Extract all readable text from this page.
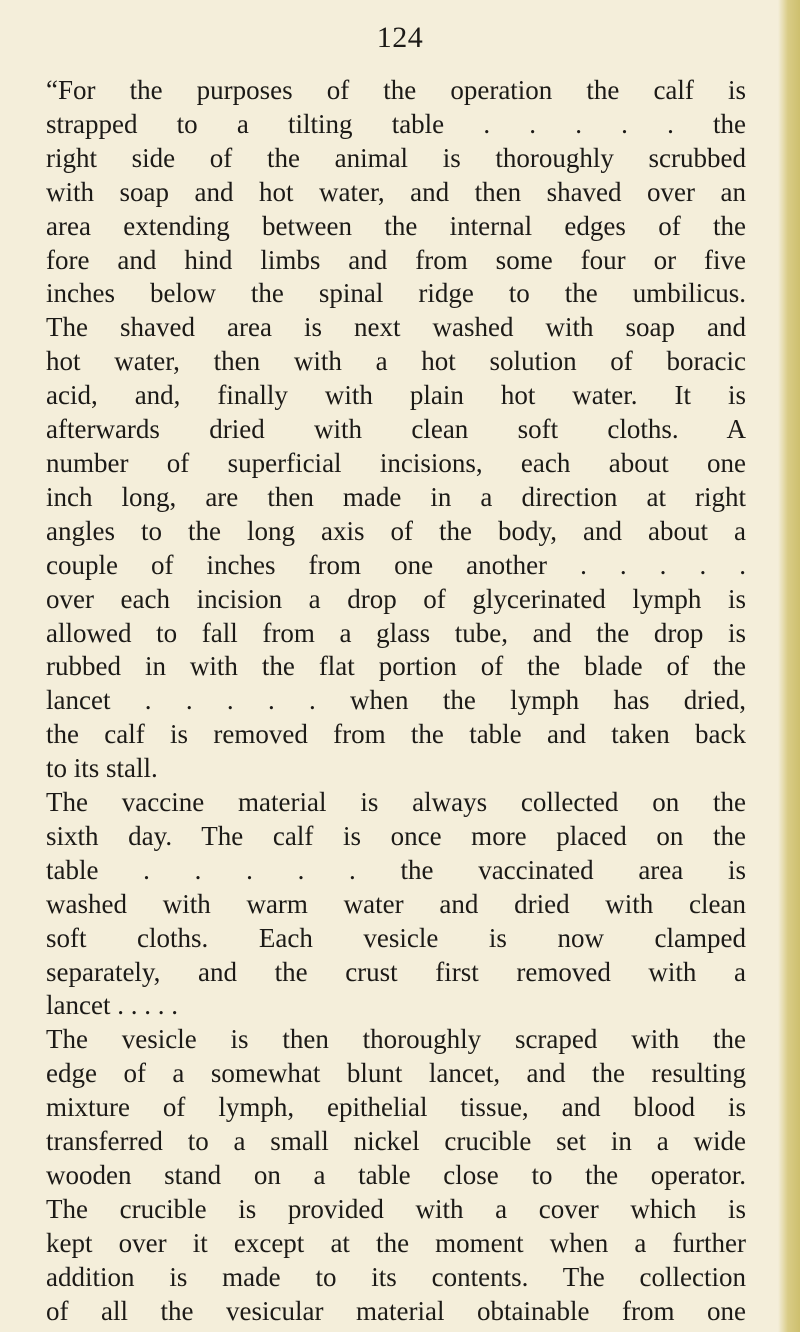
124
“For the purposes of the operation the calf is
strapped to a tilting table . . . . . the
right side of the animal is thoroughly scrubbed
with soap and hot water, and then shaved over an
area extending between the internal edges of the
fore and hind limbs and from some four or five
inches below the spinal ridge to the umbilicus.
The shaved area is next washed with soap and
hot water, then with a hot solution of boracic
acid, and, finally with plain hot water. It is
afterwards dried with clean soft cloths. A
number of superficial incisions, each about one
inch long, are then made in a direction at right
angles to the long axis of the body, and about a
couple of inches from one another . . . . .
over each incision a drop of glycerinated lymph is
allowed to fall from a glass tube, and the drop is
rubbed in with the flat portion of the blade of the
lancet . . . . . when the lymph has dried,
the calf is removed from the table and taken back
to its stall.
The vaccine material is always collected on the
sixth day. The calf is once more placed on the
table . . . . . the vaccinated area is
washed with warm water and dried with clean
soft cloths. Each vesicle is now clamped
separately, and the crust first removed with a
lancet . . . . .
The vesicle is then thoroughly scraped with the
edge of a somewhat blunt lancet, and the resulting
mixture of lymph, epithelial tissue, and blood is
transferred to a small nickel crucible set in a wide
wooden stand on a table close to the operator.
The crucible is provided with a cover which is
kept over it except at the moment when a further
addition is made to its contents. The collection
of all the vesicular material obtainable from one
